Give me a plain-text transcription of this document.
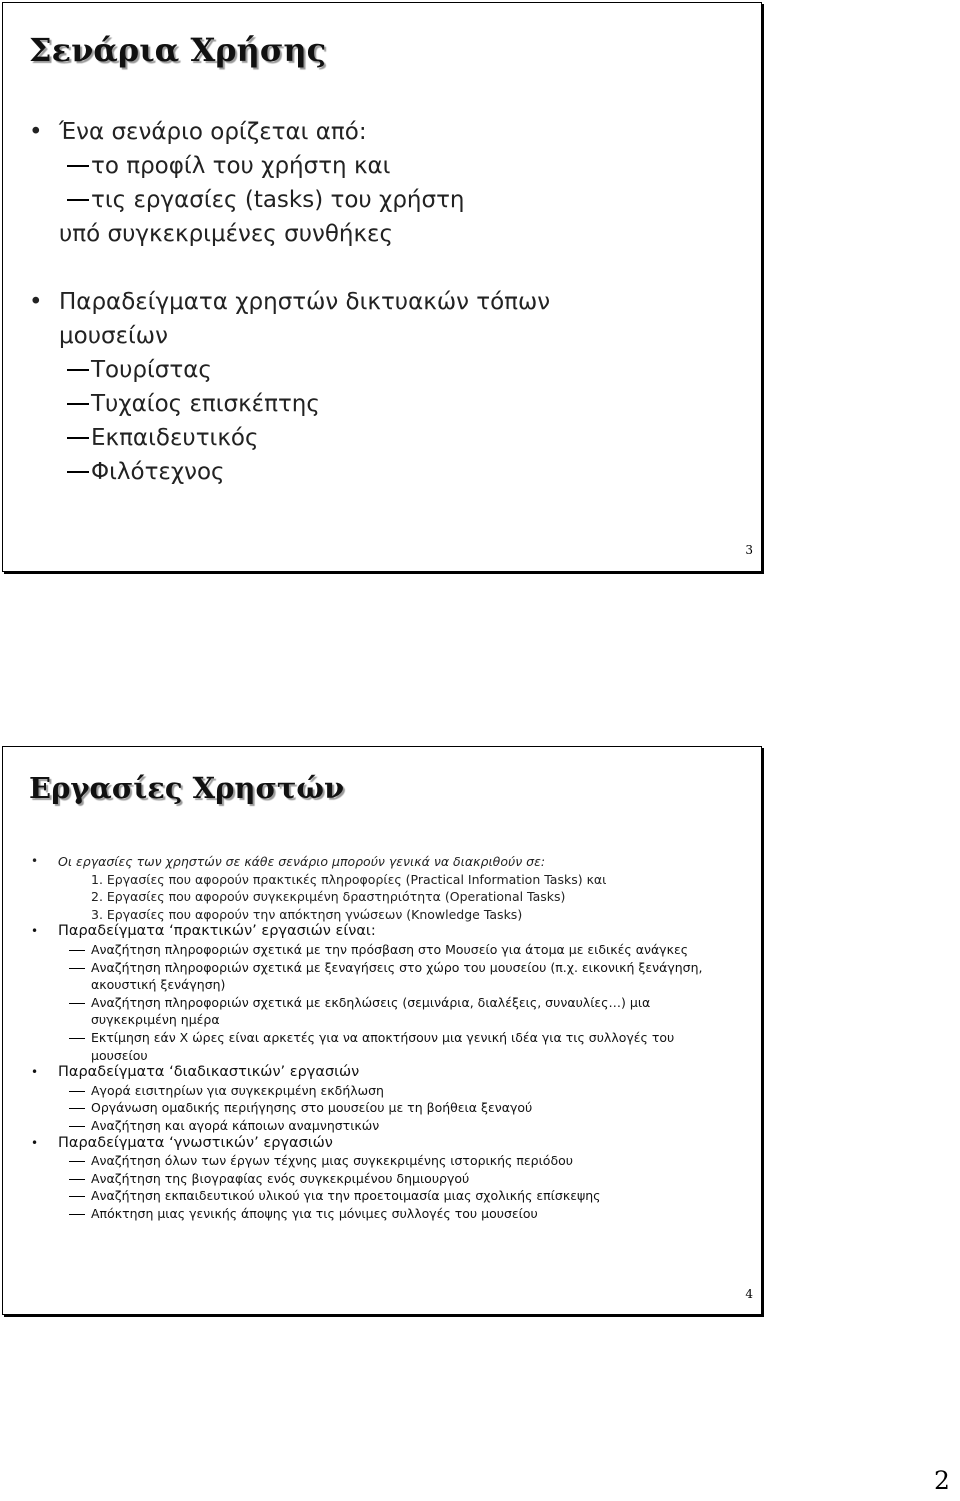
Σενάρια Χρήσης
• Ένα σενάριο ορίζεται από:
το προφίλ του χρήστη και
τις εργασίες (tasks) του χρήστη
υπό συγκεκριμένες συνθήκες
• Παραδείγματα χρηστών δικτυακών τόπων
μουσείων
Τουρίστας
Τυχαίος επισκέπτης
Εκπαιδευτικός
Φιλότεχνος
3
Εργασίες Χρηστών
• Οι εργασίες των χρηστών σε κάθε σενάριο μπορούν γενικά να διακριθούν σε:
1. Εργασίες που αφορούν πρακτικές πληροφορίες (Practical Information Tasks) και
2. Εργασίες που αφορούν συγκεκριμένη δραστηριότητα (Operational Tasks)
3. Εργασίες που αφορούν την απόκτηση γνώσεων (Knowledge Tasks)
• Παραδείγματα ‘πρακτικών’ εργασιών είναι:
Αναζήτηση πληροφοριών σχετικά με την πρόσβαση στο Μουσείο για άτομα με ειδικές ανάγκες
Αναζήτηση πληροφοριών σχετικά με ξεναγήσεις στο χώρο του μουσείου (π.χ. εικονική ξενάγηση,
ακουστική ξενάγηση)
Αναζήτηση πληροφοριών σχετικά με εκδηλώσεις (σεμινάρια, διαλέξεις, συναυλίες…) μια
συγκεκριμένη ημέρα
Εκτίμηση εάν Χ ώρες είναι αρκετές για να αποκτήσουν μια γενική ιδέα για τις συλλογές του
μουσείου
• Παραδείγματα ‘διαδικαστικών’ εργασιών
Αγορά εισιτηρίων για συγκεκριμένη εκδήλωση
Οργάνωση ομαδικής περιήγησης στο μουσείου με τη βοήθεια ξεναγού
Αναζήτηση και αγορά κάποιων αναμνηστικών
• Παραδείγματα ‘γνωστικών’ εργασιών
Αναζήτηση όλων των έργων τέχνης μιας συγκεκριμένης ιστορικής περιόδου
Αναζήτηση της βιογραφίας ενός συγκεκριμένου δημιουργού
Αναζήτηση εκπαιδευτικού υλικού για την προετοιμασία μιας σχολικής επίσκεψης
Απόκτηση μιας γενικής άποψης για τις μόνιμες συλλογές του μουσείου
4
2
